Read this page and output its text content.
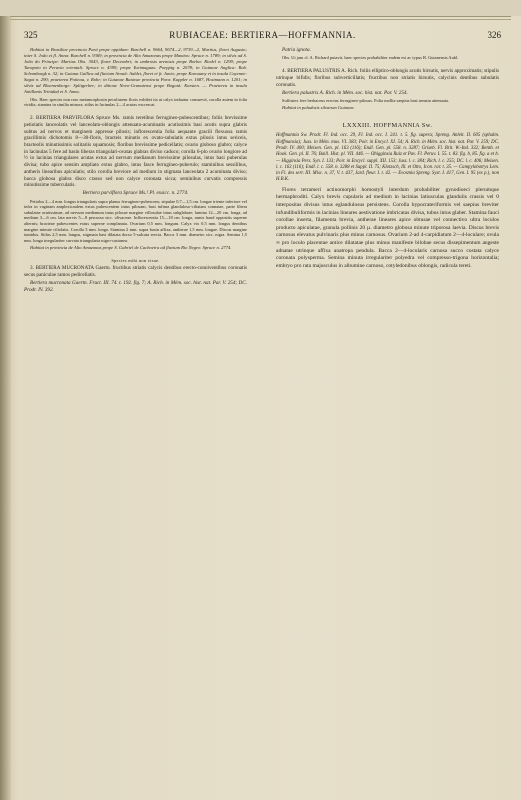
325	RUBIACEAE: BERTIERA—HOFFMANNIA.	326

Habitat in Brasiliae provincia Pará prope oppidum: Burchell n. 9664, 9674—2, 9739—2, Martius, floret Augusto; inter S. João et fl. Anna: Burchell n. 9369; in provincia de Alto Amazonas prope Manáos: Spruce n. 1789; in silvis ad S. João do Principe: Martius Obs. 3043, floret Decembri; in umbrosis arenosis prope Borba: Riedel n. 1299; prope Tarapoto in Peruvia orientali: Spruce n. 4399; prope Yurimaguas: Poeppig n. 2078; in Guianae Anglica: Rob. Schomburgk n. 32; in Guiana Gallica ad fluvium Arouâ: Aublet, floret et fr. Junio; prope Karouany et in insula Cayenne: Sagot n. 290; praeterea Poiteau, v. Rohr; in Guianae Batavae provincia Para: Kappler n. 1687, Hostmann n. 1201; in silvis ad Bloemenberge: Splitgerber; in ditione Novo-Granatensi prope Bogotá: Karsten. — Praeterea in insula Antillanis Trinidad et S. Anna.

Obs. Haec species non raro metamorphosin peculiarem floris exhibet ita ut calyx induatur consuevit, corolla autem in folia viridia, stamina in similia minora, stilus in lacinulas 2—4 acutas excrescat.

2. BERTIERA PARVIFLORA Spruce Ms. ramis teretibus ferrugineo-pubescentibus; foliis brevissime petiolatis lanceolatis vel lanceolato-oblongis attenuato-acuminatis acutissimis basi acutis supra glabris subtus ad nervos et marginem appresse pilosis; inflorescentia folia aequante gracili flexuosa ramis gracillimis dichotomis 8—30-floris, bracteis minutis ex ovato-subulatis extus pilosis intus sericeis, bracteolis minutissimis solitariis squamosis; floribus brevissime pedicellatis; ovario globoso glabro; calyce in lacinulas 5 fere ad basin liberas triangulari-ovatas glabras diviso caduco; corolla 6-plo ovario longiore ad ½ in lacinias triangulares acutas extus ad nervum medianum brevissime pilosulas, intus basi puberulas divisa; tubo apice sensim ampliato extus glabro, intus fasce ferrugineo-puberulo; staminibus sessilibus, antheris linearibus apiculatis; stilo corolla breviore ad medium in stigmata lanceolata 2 acuminata diviso; bacca globosa glabra disco crasso sed non calyce coronata sicca; seminibus curvatis compressis minutissime tuberculatis.

Bertiera parviflora Spruce Ms.! Pl. exsicc. n. 2774.

Petiolus 2—4 mm. longus triangularis supra planus ferrugineo-pubescens; stipulae 0,7—1,5 cm. longae triente inferiore vel infra in vaginam amplexicaulem extus pubescentem intus pilosam, basi infima glanduloso-ciliatam connatae, parte libera subulatae acutissimae, ad nervum medianum intus pilosae margine villosulae intus subglabrae; lamina 12—20 cm. longa, ad medium 3—6 cm. lata nervis 5—8 percursa sicc. olivaceae. Inflorescentia 15—18 cm. longa, ramis haud oppositis superne alternis; bracteae pubescentes extus superne complanata. Ovarium 0,5 mm. longum. Calyx vix 0,5 mm. longus dentibus margine minute ciliolatis. Corolla 3 mm. longa. Stamina 2 mm. supra basin affixa, antherae 1,5 mm. longae. Discus margine tumidus. Stilus 2,5 mm. longus, stigmata basi dilatata dorso 5-sulcata erecta. Bacca 3 mm. diametro sicc. nigra. Semina 1,5 mm. longa irregulariter curvata triangularia nigro-castanea.

Habitat in provincia de Alto Amazonas prope S. Gabriel de Cachoeira ad fluvium Rio Negro: Spruce n. 2774.

Species mihi non visae.

3. BERTIERA MUCRONATA Gaertn. fructibus striatis calycis dentibus erecto-conniventibus coronatis secus paniculae ramos pedicellatis.

Bertiera mucronata Gaertn. Fruct. III. 74. t. 192. fig. 7; A. Rich. in Mém. soc. hist. nat. Par. V. 254; DC. Prodr. IV. 392.

Patria ignota.

Obs. Ut jam cl. A. Richard putavit, haec species probabiliter eadem est ac typus B. Guianensis Aubl.

4. BERTIERA PALUSTRIS A. Rich. foliis elliptico-oblongis acutis hirsutis, nervis approximatis; stipulis utrinque bifidis; floribus subverticillatis; fructibus non striatis hirsutis, calycinis dentibus subulatis coronatis.

Bertiera palustris A. Rich. in Mém. soc. hist. nat. Par. V. 254.

Suffrutex fere herbaceus erectus ferrugineo-pilosus. Folia mollia saepius basi sensim attenuata.

Habitat in paludosis silvarum Guianae.

LXXXIII. HOFFMANNIA Sw.

Hoffmannia Sw. Prodr. Fl. Ind. occ. 29, Fl. Ind. occ. I. 241. t. 5. fig. supera; Spreng. Anleit. II. 605 (sphalm. Hoffmansia); Juss. in Mém. mus. VI. 383; Poir. in Encycl. XI. 54; A. Rich. in Mém. soc. hist. nat. Par. V. 259; DC. Prodr. IV. 400; Meisen. Gen. pl. 163 (116); Endl. Gen. pl. 558. n. 3287; Griseb. Fl. Brit. W.-Ind. 332; Benth. et Hook. Gen. pl. II. 76; Baill. Hist. pl. VII. 446. — Ohigginsia Ruiz et Pav. Fl. Peruv. I. 55. t. 83. fig. b, 85. fig. a et b. — Higginsia Pers. Syn. I. 133; Poir. in Encycl. suppl. XII. 153; Juss. l. c. 384; Rich. l. c. 255; DC. l. c. 406; Meisen. l. c. 163 (116); Endl. l. c. 558. n. 3288 et Suppl. II. 75; Klotzsch, Ill. et Otto, Icon. rar. t. 35. — Campylobotrys Lem. in Fl. des serr. III. Misc. n. 37, V. t. 437, Jard. fleur. I. t. 42. — Evosmia Spreng. Syst. I. 417, Gen. I. 95 (ex p.), non H.B.K.

Flores tetrameri actinomorphi homostyli interdum probabiliter gynodioeci plerumque hermaphroditi. Calyx brevis cupularis ad medium in lacinias latiusculas glandulis crassis vel 0 interpositas divisus intus eglandulosus persistens. Corolla hypocrateriformis vel saepius breviter infundibuliformis in lacinias lineares aestivatione imbricatas divisa, tubus intus glaber. Stamina fauci corollae inserta, filamenta brevia, antherae lineares apice obtusae vel connectivo ultra loculos producto apiculatae, granula pollinis 20 µ. diametro globosa minute triporosa laevia. Discus brevis carnosus elevatus pulvinaris plus minus carnosus. Ovarium 2-ad 4-carpidiatum 2—4-loculare; ovula ∞ pro loculo placentae antice dilatatae plus minus manifeste bilobae secus dissepimentum angeste adnatae utrinque affixa anatropa pendula. Bacca 2—4-locularis carnosa succo costata calyce coronata polysperma. Semina minuta irregulariter polyedra vel compresso-trigona horizontalia; embryo pro rata majusculus in albumine carnoso, cotyledonibus oblongis, radicula tereti.
